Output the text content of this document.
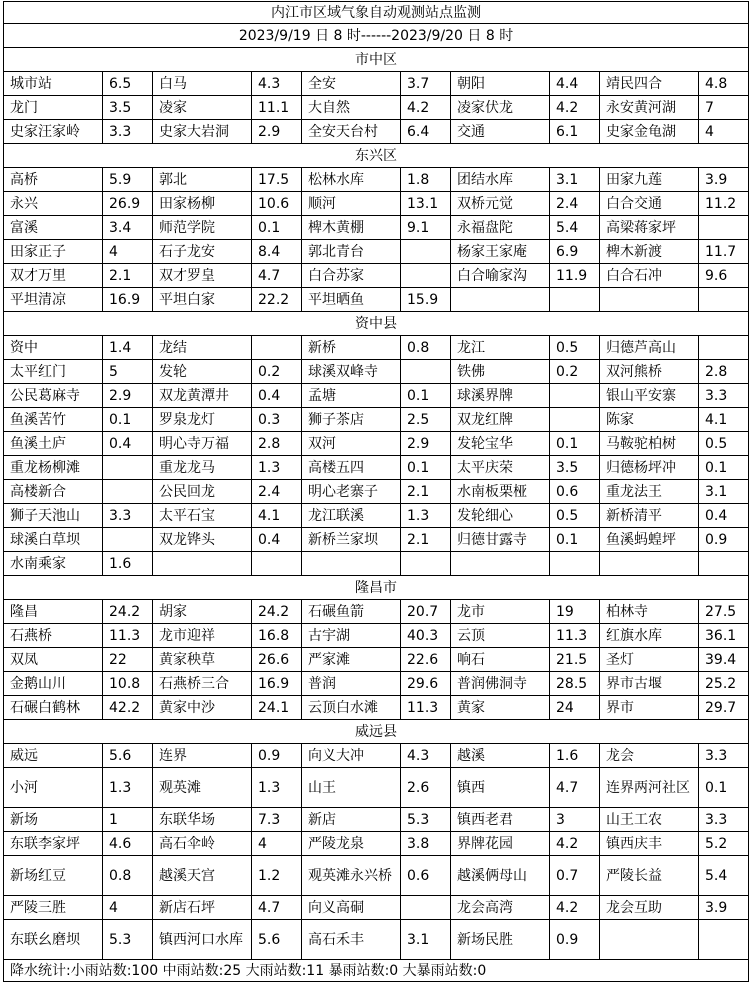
内江市区域气象自动观测站点监测									
2023/9/19 日 8 时------2023/9/20 日 8 时									
市中区									
城市站	6.5	白马	4.3	全安	3.7	朝阳	4.4	靖民四合	4.8
龙门	3.5	凌家	11.1	大自然	4.2	凌家伏龙	4.2	永安黄河湖	7
史家汪家岭	3.3	史家大岩洞	2.9	全安天台村	6.4	交通	6.1	史家金龟湖	4
东兴区									
高桥	5.9	郭北	17.5	松林水库	1.8	团结水库	3.1	田家九莲	3.9
永兴	26.9	田家杨柳	10.6	顺河	13.1	双桥元觉	2.4	白合交通	11.2
富溪	3.4	师范学院	0.1	椑木黄棚	9.1	永福盘陀	5.4	高梁蒋家坪	
田家正子	4	石子龙安	8.4	郭北青台		杨家王家庵	6.9	椑木新渡	11.7
双才万里	2.1	双才罗皇	4.7	白合苏家		白合喻家沟	11.9	白合石冲	9.6
平坦清凉	16.9	平坦白家	22.2	平坦晒鱼	15.9				
资中县									
资中	1.4	龙结		新桥	0.8	龙江	0.5	归德芦高山	
太平红门	5	发轮	0.2	球溪双峰寺		铁佛	0.2	双河熊桥	2.8
公民葛麻寺	2.9	双龙黄潭井	0.4	孟塘	0.1	球溪界牌		银山平安寨	3.3
鱼溪苦竹	0.1	罗泉龙灯	0.3	狮子茶店	2.5	双龙红牌		陈家	4.1
鱼溪土庐	0.4	明心寺万福	2.8	双河	2.9	发轮宝华	0.1	马鞍驼柏树	0.5
重龙杨柳滩		重龙龙马	1.3	高楼五四	0.1	太平庆荣	3.5	归德杨坪冲	0.1
高楼新合		公民回龙	2.4	明心老寨子	2.1	水南板栗桠	0.6	重龙法王	3.1
狮子天池山	3.3	太平石宝	4.1	龙江联溪	1.3	发轮细心	0.5	新桥清平	0.4
球溪白草坝		双龙铧头	0.4	新桥兰家坝	2.1	归德甘露寺	0.1	鱼溪蚂蝗坪	0.9
水南乘家	1.6								
隆昌市									
隆昌	24.2	胡家	24.2	石碾鱼箭	20.7	龙市	19	柏林寺	27.5
石燕桥	11.3	龙市迎祥	16.8	古宇湖	40.3	云顶	11.3	红旗水库	36.1
双凤	22	黄家秧草	26.6	严家滩	22.6	响石	21.5	圣灯	39.4
金鹅山川	10.8	石燕桥三合	16.9	普润	29.6	普润佛洞寺	28.5	界市古堰	25.2
石碾白鹤林	42.2	黄家中沙	24.1	云顶白水滩	11.3	黄家	24	界市	29.7
威远县									
威远	5.6	连界	0.9	向义大冲	4.3	越溪	1.6	龙会	3.3
小河	1.3	观英滩	1.3	山王	2.6	镇西	4.7	连界两河社区	0.1
新场	1	东联华场	7.3	新店	5.3	镇西老君	3	山王工农	3.3
东联李家坪	4.6	高石伞岭	4	严陵龙泉	3.8	界牌花园	4.2	镇西庆丰	5.2
新场红豆	0.8	越溪天宫	1.2	观英滩永兴桥	0.6	越溪俩母山	0.7	严陵长益	5.4
严陵三胜	4	新店石坪	4.7	向义高硐		龙会高湾	4.2	龙会互助	3.9
东联幺磨坝	5.3	镇西河口水库	5.6	高石禾丰	3.1	新场民胜	0.9		
降水统计:小雨站数:100 中雨站数:25 大雨站数:11 暴雨站数:0 大暴雨站数:0									
